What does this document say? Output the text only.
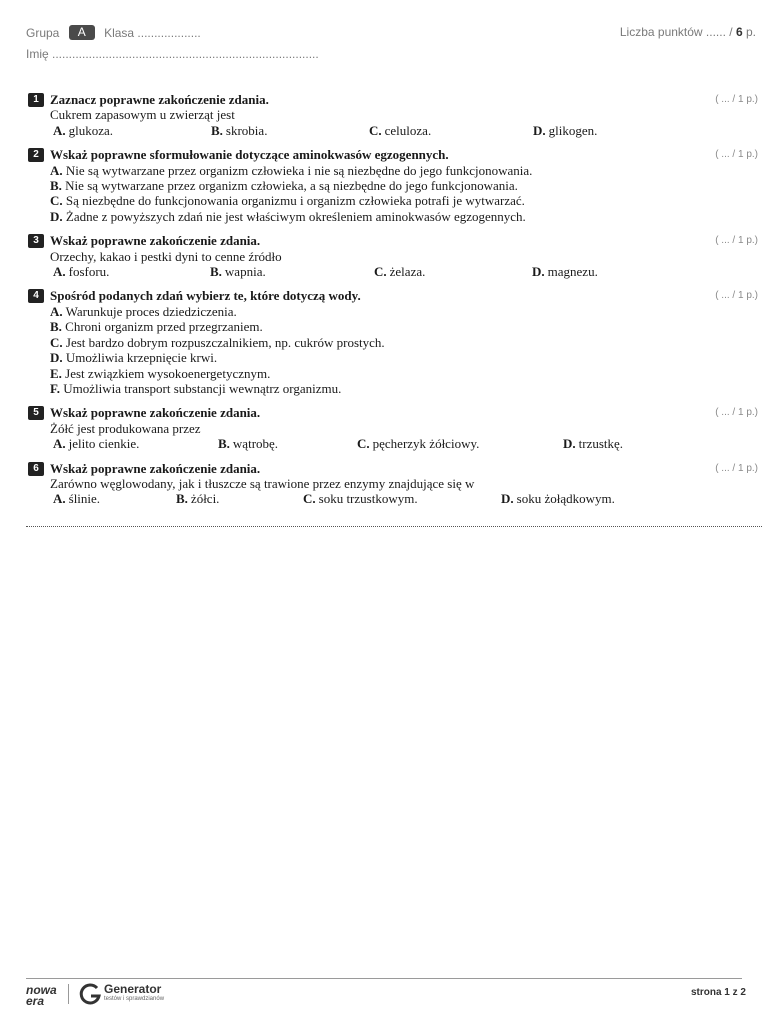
Grupa A Klasa ...................	Liczba punktów ...... / 6 p.
Imię ................................................................................
1 Zaznacz poprawne zakończenie zdania.	( ... / 1 p.)
Cukrem zapasowym u zwierząt jest
A. glukoza.	B. skrobia.	C. celuloza.	D. glikogen.
2 Wskaż poprawne sformułowanie dotyczące aminokwasów egzogennych.	( ... / 1 p.)
A. Nie są wytwarzane przez organizm człowieka i nie są niezbędne do jego funkcjonowania.
B. Nie są wytwarzane przez organizm człowieka, a są niezbędne do jego funkcjonowania.
C. Są niezbędne do funkcjonowania organizmu i organizm człowieka potrafi je wytwarzać.
D. Żadne z powyższych zdań nie jest właściwym określeniem aminokwasów egzogennych.
3 Wskaż poprawne zakończenie zdania.	( ... / 1 p.)
Orzechy, kakao i pestki dyni to cenne źródło
A. fosforu.	B. wapnia.	C. żelaza.	D. magnezu.
4 Spośród podanych zdań wybierz te, które dotyczą wody.	( ... / 1 p.)
A. Warunkuje proces dziedziczenia.
B. Chroni organizm przed przegrzaniem.
C. Jest bardzo dobrym rozpuszczalnikiem, np. cukrów prostych.
D. Umożliwia krzepnięcie krwi.
E. Jest związkiem wysokoenergetycznym.
F. Umożliwia transport substancji wewnątrz organizmu.
5 Wskaż poprawne zakończenie zdania.	( ... / 1 p.)
Żółć jest produkowana przez
A. jelito cienkie.	B. wątrobę.	C. pęcherzyk żółciowy.	D. trzustkę.
6 Wskaż poprawne zakończenie zdania.	( ... / 1 p.)
Zarówno węglowodany, jak i tłuszcze są trawione przez enzymy znajdujące się w
A. ślinie.	B. żółci.	C. soku trzustkowym.	D. soku żołądkowym.
nowa
era
Generator
testów i sprawdzianów
strona 1 z 2
